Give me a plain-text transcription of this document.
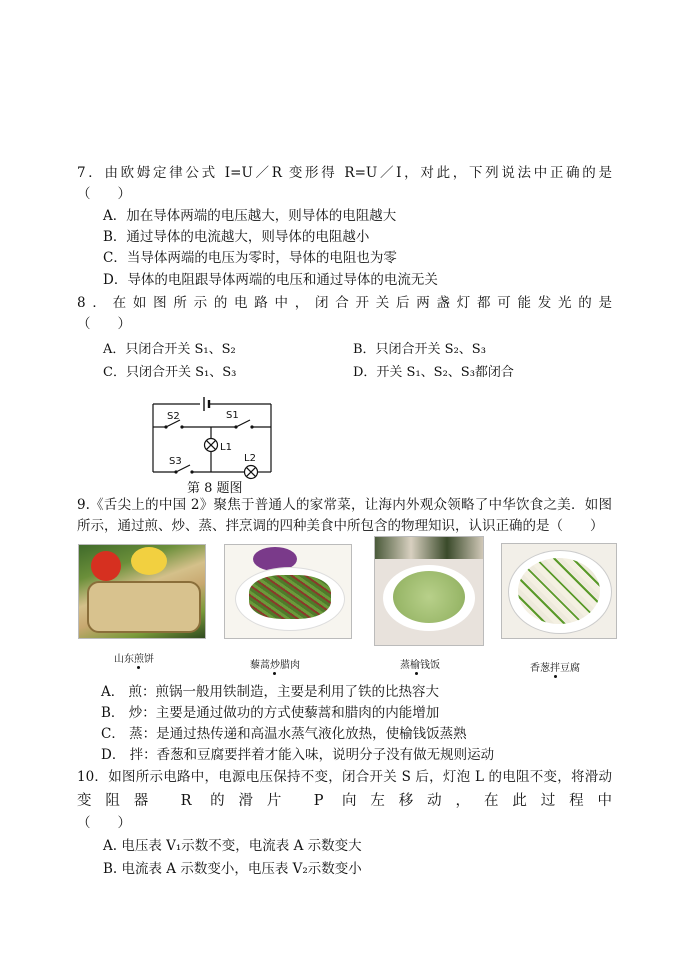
7．由欧姆定律公式 I=U／R 变形得 R=U／I，对此，下列说法中正确的是
（　　）
A．加在导体两端的电压越大，则导体的电阻越大
B．通过导体的电流越大，则导体的电阻越小
C．当导体两端的电压为零时，导体的电阻也为零
D．导体的电阻跟导体两端的电压和通过导体的电流无关
8．在如图所示的电路中，闭合开关后两盏灯都可能发光的是
（　　）
A．只闭合开关 S₁、S₂	B．只闭合开关 S₂、S₃
C．只闭合开关 S₁、S₃	D．开关 S₁、S₂、S₃都闭合
S2	S1
L1
S3	L2
第 8 题图
9.《舌尖上的中国 2》聚焦于普通人的家常菜，让海内外观众领略了中华饮食之美．如图
所示，通过煎、炒、蒸、拌烹调的四种美食中所包含的物理知识，认识正确的是（　　）
山东煎饼
藜蒿炒腊肉	蒸榆钱饭	香葱拌豆腐
A． 煎：煎锅一般用铁制造，主要是利用了铁的比热容大
B． 炒：主要是通过做功的方式使藜蒿和腊肉的内能增加
C． 蒸：是通过热传递和高温水蒸气液化放热，使榆钱饭蒸熟
D． 拌：香葱和豆腐要拌着才能入味，说明分子没有做无规则运动
10．如图所示电路中，电源电压保持不变，闭合开关 S 后，灯泡 L 的电阻不变，将滑动
变阻器 R 的滑片 P 向左移动，在此过程中
（　　）
A. 电压表 V₁示数不变，电流表 A 示数变大
B. 电流表 A 示数变小，电压表 V₂示数变小
